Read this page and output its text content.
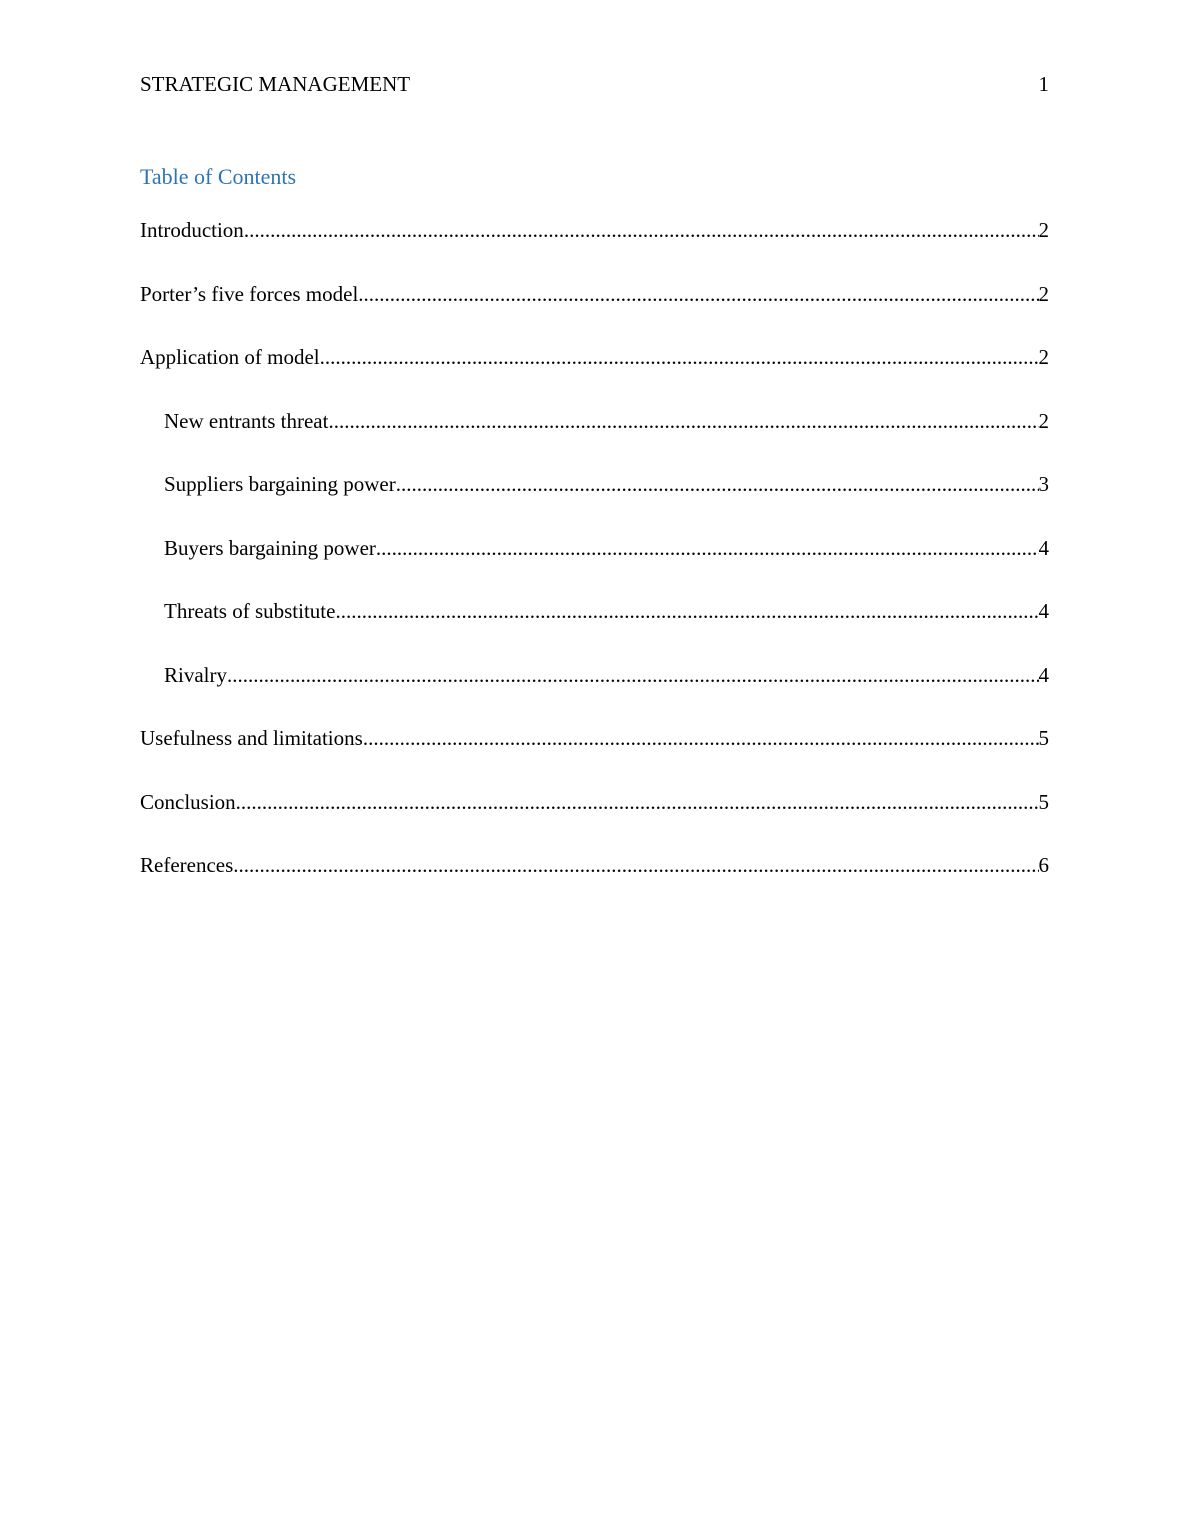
STRATEGIC MANAGEMENT	1
Table of Contents
Introduction .....	2
Porter’s five forces model .....	2
Application of model .....	2
New entrants threat .....	2
Suppliers bargaining power .....	3
Buyers bargaining power .....	4
Threats of substitute .....	4
Rivalry .....	4
Usefulness and limitations .....	5
Conclusion .....	5
References .....	6
